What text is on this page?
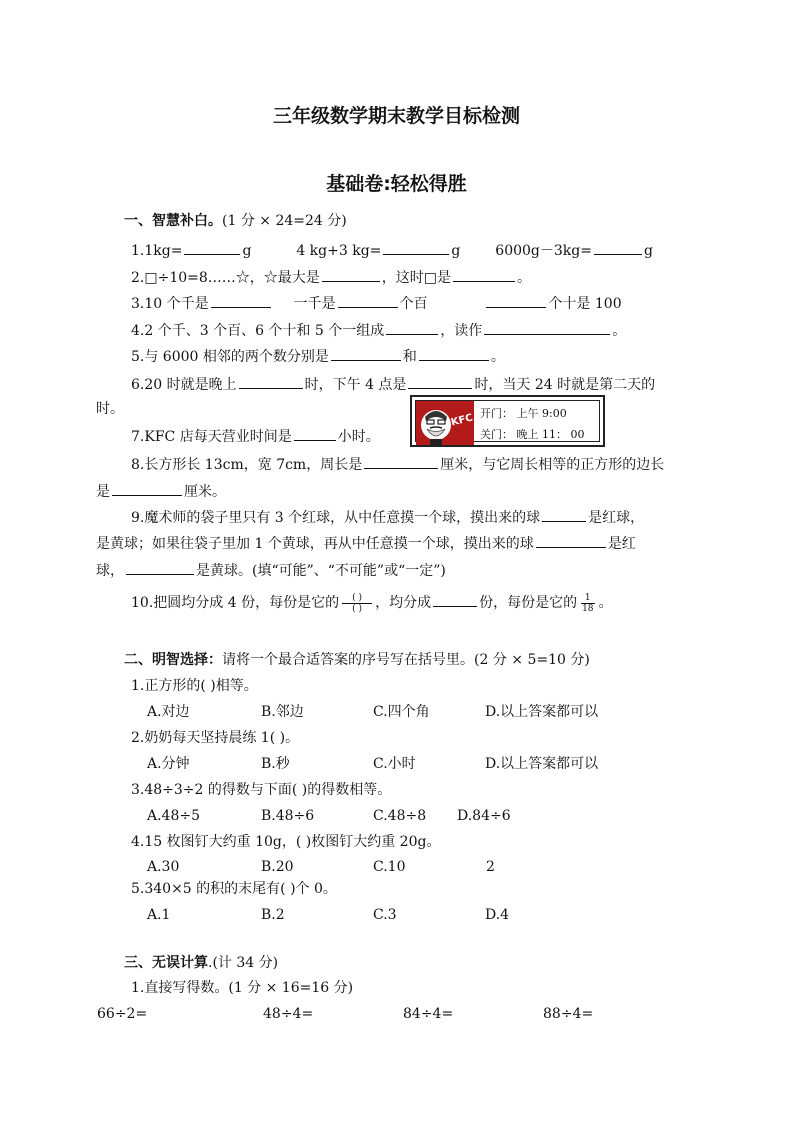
三年级数学期末教学目标检测
基础卷:轻松得胜
一、智慧补白。(1 分 × 24=24 分)
1.1kg=	g	4 kg+3 kg=	g 6000g－3kg=	g
2.□÷10=8……☆，☆最大是	，这时□是	。
3.10 个千是	一千是	个百	个十是 100
4.2 个千、3 个百、6 个十和 5 个一组成	，读作	。
5.与 6000 相邻的两个数分别是	和	。
6.20 时就是晚上	时，下午 4 点是	时，当天 24 时就是第二天的
时。
7.KFC 店每天营业时间是	小时。
KFC 开门： 上午 9:00
关门： 晚上 11： 00
8.长方形长 13cm，宽 7cm，周长是	厘米，与它周长相等的正方形的边长
是	厘米。
9.魔术师的袋子里只有 3 个红球，从中任意摸一个球，摸出来的球	是红球，
是黄球；如果往袋子里加 1 个黄球，再从中任意摸一个球，摸出来的球	是红
球，	是黄球。(填“可能”、“不可能”或“一定”)
10.把圆均分成 4 份，每份是它的 $\frac{( )}{( )}$ ，均分成	份，每份是它的 $\frac{1}{18}$ 。
二、明智选择：请将一个最合适答案的序号写在括号里。(2 分 × 5=10 分)
1.正方形的( )相等。
A.对边	B.邻边	C.四个角	D.以上答案都可以
2.奶奶每天坚持晨练 1( )。
A.分钟	B.秒	C.小时	D.以上答案都可以
3.48÷3÷2 的得数与下面( )的得数相等。
A.48÷5	B.48÷6	C.48÷8 D.84÷6
4.15 枚图钉大约重 10g，( )枚图钉大约重 20g。
A.30	B.20	C.10	2
5.340×5 的积的末尾有( )个 0。
A.1	B.2	C.3	D.4
三、无误计算.(计 34 分)
1.直接写得数。(1 分 × 16=16 分)
66÷2=	48÷4=	84÷4=	88÷4=
